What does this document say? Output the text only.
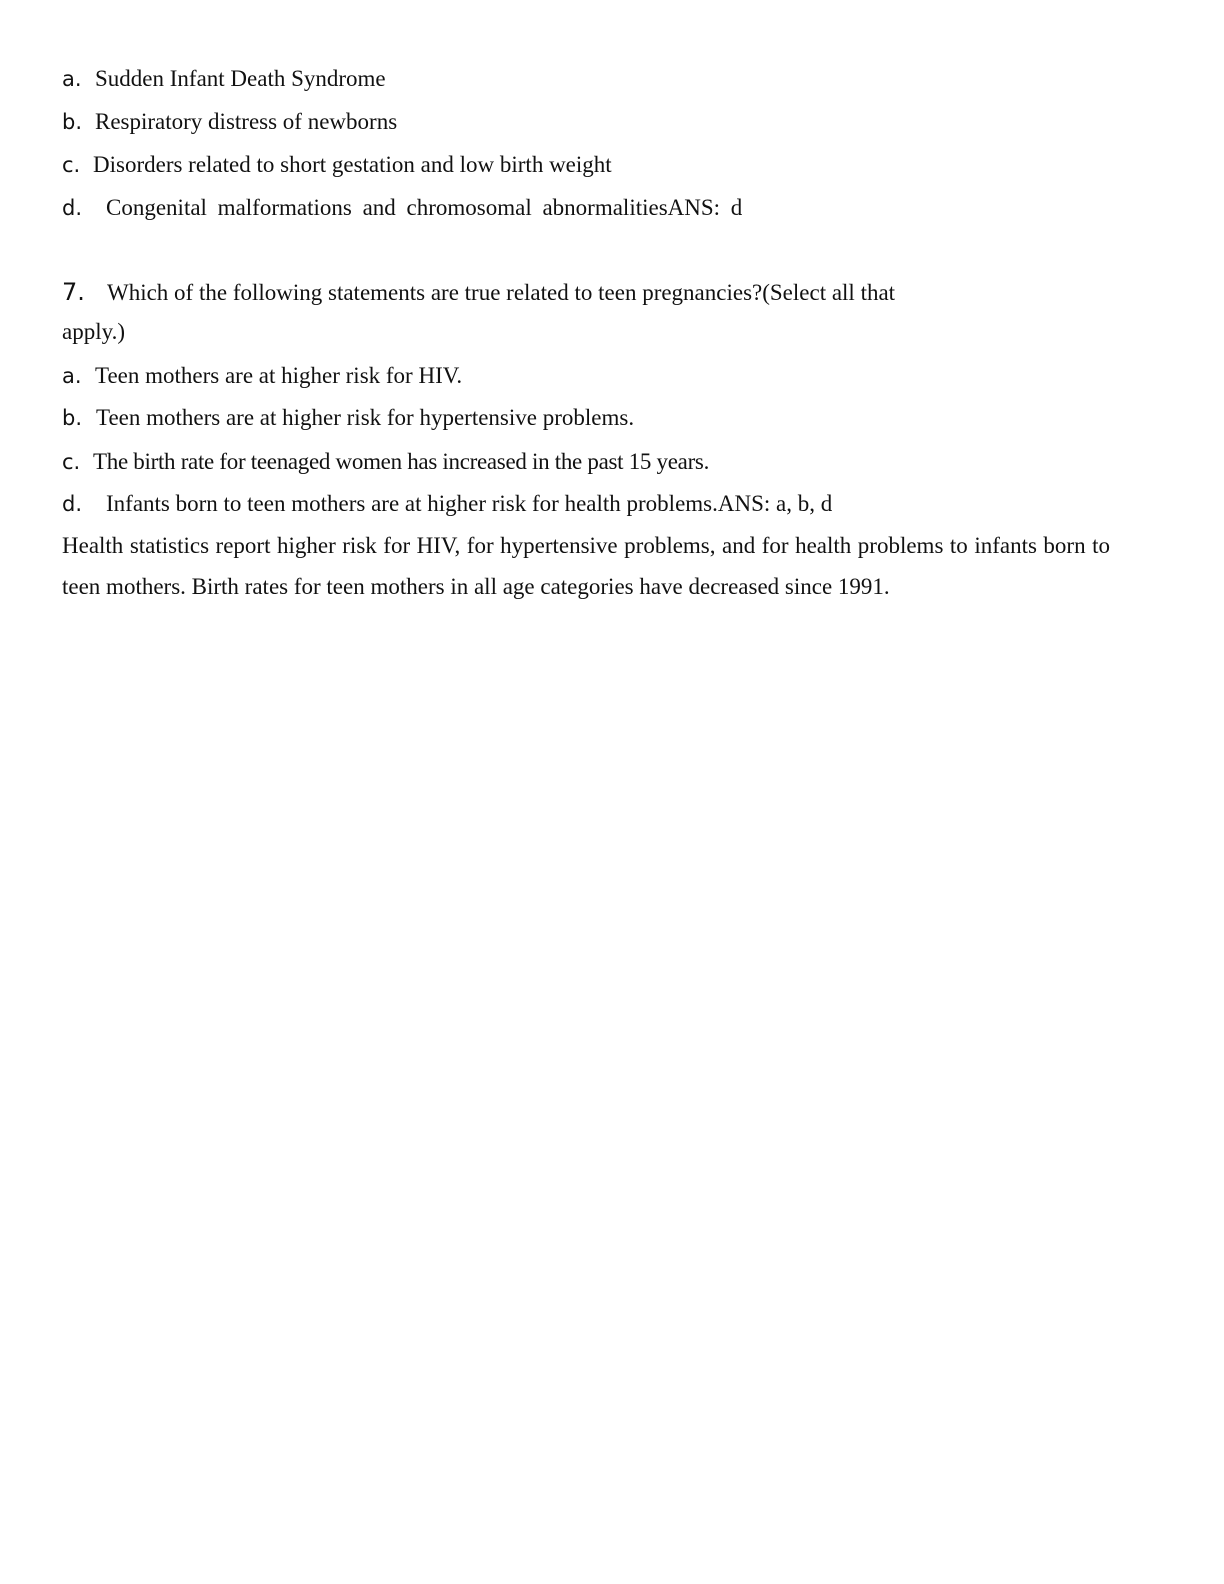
a. Sudden Infant Death Syndrome
b. Respiratory distress of newborns
c. Disorders related to short gestation and low birth weight
d. Congenital malformations and chromosomal abnormalitiesANS: d
7. Which of the following statements are true related to teen pregnancies?(Select all that
apply.)
a. Teen mothers are at higher risk for HIV.
b. Teen mothers are at higher risk for hypertensive problems.
c. The birth rate for teenaged women has increased in the past 15 years.
d. Infants born to teen mothers are at higher risk for health problems.ANS: a, b, d
Health statistics report higher risk for HIV, for hypertensive problems, and for health problems to infants born to teen mothers. Birth rates for teen mothers in all age categories have decreased since 1991.
